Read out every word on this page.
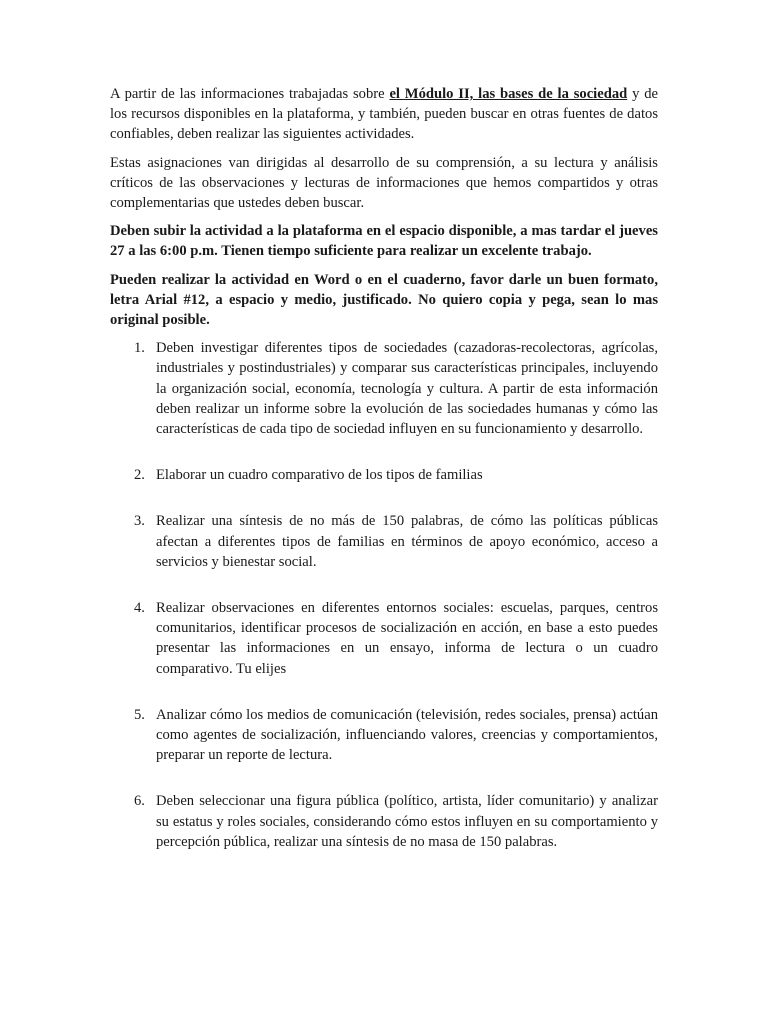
A partir de las informaciones trabajadas sobre el Módulo II, las bases de la sociedad y de los recursos disponibles en la plataforma, y también, pueden buscar en otras fuentes de datos confiables, deben realizar las siguientes actividades.

Estas asignaciones van dirigidas al desarrollo de su comprensión, a su lectura y análisis críticos de las observaciones y lecturas de informaciones que hemos compartidos y otras complementarias que ustedes deben buscar.

Deben subir la actividad a la plataforma en el espacio disponible, a mas tardar el jueves 27 a las 6:00 p.m. Tienen tiempo suficiente para realizar un excelente trabajo.

Pueden realizar la actividad en Word o en el cuaderno, favor darle un buen formato, letra Arial #12, a espacio y medio, justificado. No quiero copia y pega, sean lo mas original posible.

1. Deben investigar diferentes tipos de sociedades (cazadoras-recolectoras, agrícolas, industriales y postindustriales) y comparar sus características principales, incluyendo la organización social, economía, tecnología y cultura. A partir de esta información deben realizar un informe sobre la evolución de las sociedades humanas y cómo las características de cada tipo de sociedad influyen en su funcionamiento y desarrollo.
2. Elaborar un cuadro comparativo de los tipos de familias
3. Realizar una síntesis de no más de 150 palabras, de cómo las políticas públicas afectan a diferentes tipos de familias en términos de apoyo económico, acceso a servicios y bienestar social.
4. Realizar observaciones en diferentes entornos sociales: escuelas, parques, centros comunitarios, identificar procesos de socialización en acción, en base a esto puedes presentar las informaciones en un ensayo, informa de lectura o un cuadro comparativo. Tu elijes
5. Analizar cómo los medios de comunicación (televisión, redes sociales, prensa) actúan como agentes de socialización, influenciando valores, creencias y comportamientos, preparar un reporte de lectura.
6. Deben seleccionar una figura pública (político, artista, líder comunitario) y analizar su estatus y roles sociales, considerando cómo estos influyen en su comportamiento y percepción pública, realizar una síntesis de no masa de 150 palabras.
